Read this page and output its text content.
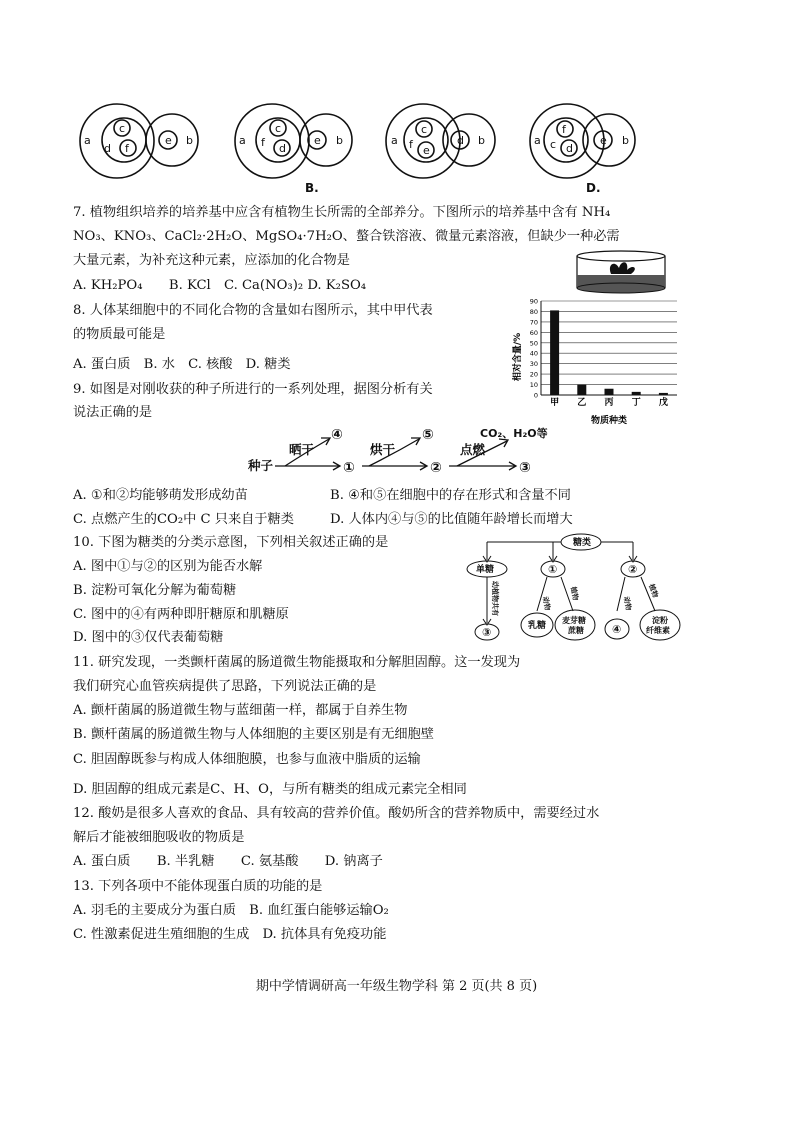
a
c
d f
e b	a
c
f d
e b
B.
a
c
f e
d b	a
f
c d
e b
D.
7. 植物组织培养的培养基中应含有植物生长所需的全部养分。下图所示的培养基中含有 NH₄
NO₃、KNO₃、CaCl₂·2H₂O、MgSO₄·7H₂O、螯合铁溶液、微量元素溶液，但缺少一种必需
大量元素，为补充这种元素，应添加的化合物是
A. KH₂PO₄　　B. KCl　C. Ca(NO₃)₂ D. K₂SO₄
8. 人体某细胞中的不同化合物的含量如右图所示，其中甲代表
的物质最可能是
A. 蛋白质　B. 水　C. 核酸　D. 糖类	相对含量/%
0
10
20
30
40
50
60
70
80
90
甲 乙 丙 丁 戊
物质种类
9. 如图是对刚收获的种子所进行的一系列处理，据图分析有关
说法正确的是
种子
晒干
④
①
烘干
⑤
②
点燃
CO₂、H₂O等
③
A. ①和②均能够萌发形成幼苗	B. ④和⑤在细胞中的存在形式和含量不同
C. 点燃产生的CO₂中 C 只来自于糖类	D. 人体内④与⑤的比值随年龄增长而增大
10. 下图为糖类的分类示意图，下列相关叙述正确的是
A. 图中①与②的区别为能否水解
B. 淀粉可氧化分解为葡萄糖
C. 图中的④有两种即肝糖原和肌糖原
D. 图中的③仅代表葡萄糖
糖类
单糖	①	②
③	④
乳糖
麦芽糖
蔗糖
淀粉
纤维素
动植物共有	动物
植物
动物
植物
11. 研究发现，一类颤杆菌属的肠道微生物能摄取和分解胆固醇。这一发现为
我们研究心血管疾病提供了思路，下列说法正确的是
A. 颤杆菌属的肠道微生物与蓝细菌一样，都属于自养生物
B. 颤杆菌属的肠道微生物与人体细胞的主要区别是有无细胞壁
C. 胆固醇既参与构成人体细胞膜，也参与血液中脂质的运输
D. 胆固醇的组成元素是C、H、O，与所有糖类的组成元素完全相同
12. 酸奶是很多人喜欢的食品、具有较高的营养价值。酸奶所含的营养物质中，需要经过水
解后才能被细胞吸收的物质是
A. 蛋白质　　B. 半乳糖　　C. 氨基酸　　D. 钠离子
13. 下列各项中不能体现蛋白质的功能的是
A. 羽毛的主要成分为蛋白质　B. 血红蛋白能够运输O₂
C. 性激素促进生殖细胞的生成　D. 抗体具有免疫功能
期中学情调研高一年级生物学科 第 2 页(共 8 页)
